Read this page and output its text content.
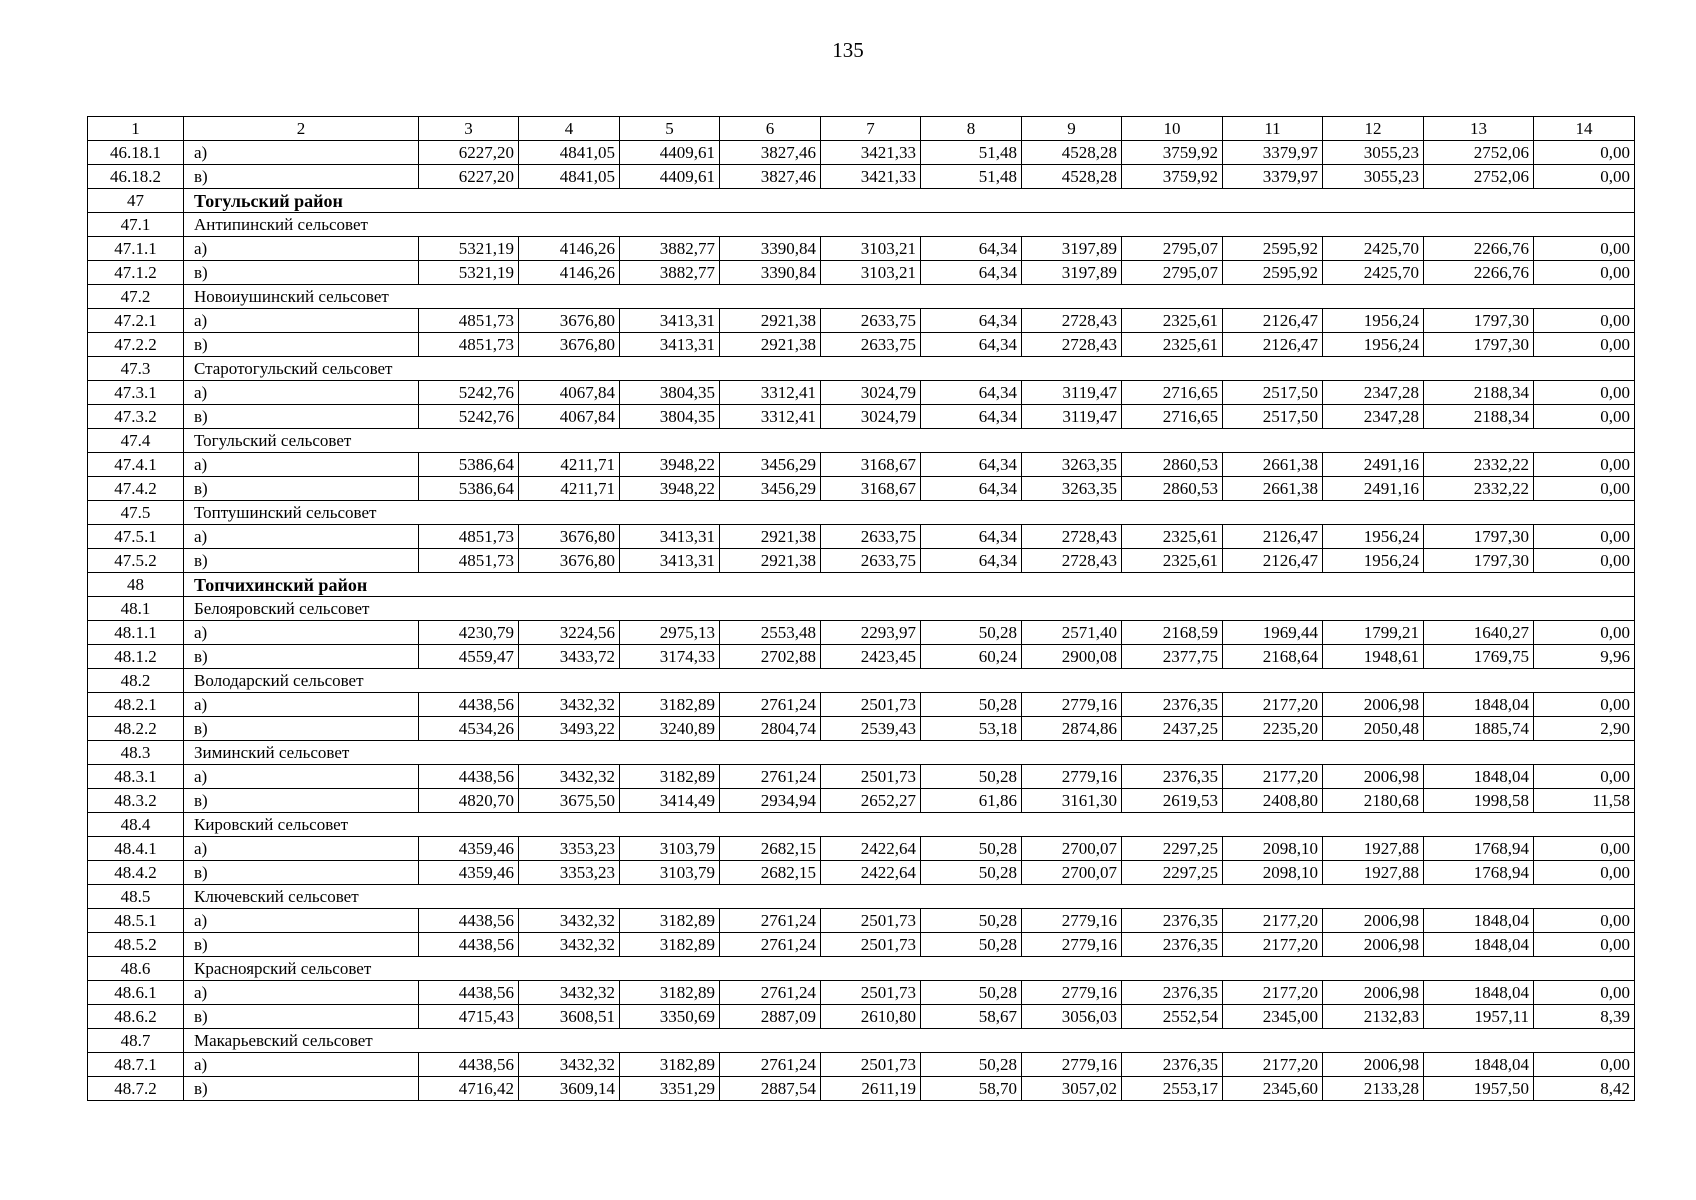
135
1	2	3	4	5	6	7	8	9	10	11	12	13	14
46.18.1	а)	6227,20	4841,05	4409,61	3827,46	3421,33	51,48	4528,28	3759,92	3379,97	3055,23	2752,06	0,00
46.18.2	в)	6227,20	4841,05	4409,61	3827,46	3421,33	51,48	4528,28	3759,92	3379,97	3055,23	2752,06	0,00
47	Тогульский район												
47.1	Антипинский сельсовет												
47.1.1	а)	5321,19	4146,26	3882,77	3390,84	3103,21	64,34	3197,89	2795,07	2595,92	2425,70	2266,76	0,00
47.1.2	в)	5321,19	4146,26	3882,77	3390,84	3103,21	64,34	3197,89	2795,07	2595,92	2425,70	2266,76	0,00
47.2	Новоиушинский сельсовет												
47.2.1	а)	4851,73	3676,80	3413,31	2921,38	2633,75	64,34	2728,43	2325,61	2126,47	1956,24	1797,30	0,00
47.2.2	в)	4851,73	3676,80	3413,31	2921,38	2633,75	64,34	2728,43	2325,61	2126,47	1956,24	1797,30	0,00
47.3	Старотогульский сельсовет												
47.3.1	а)	5242,76	4067,84	3804,35	3312,41	3024,79	64,34	3119,47	2716,65	2517,50	2347,28	2188,34	0,00
47.3.2	в)	5242,76	4067,84	3804,35	3312,41	3024,79	64,34	3119,47	2716,65	2517,50	2347,28	2188,34	0,00
47.4	Тогульский сельсовет												
47.4.1	а)	5386,64	4211,71	3948,22	3456,29	3168,67	64,34	3263,35	2860,53	2661,38	2491,16	2332,22	0,00
47.4.2	в)	5386,64	4211,71	3948,22	3456,29	3168,67	64,34	3263,35	2860,53	2661,38	2491,16	2332,22	0,00
47.5	Топтушинский сельсовет												
47.5.1	а)	4851,73	3676,80	3413,31	2921,38	2633,75	64,34	2728,43	2325,61	2126,47	1956,24	1797,30	0,00
47.5.2	в)	4851,73	3676,80	3413,31	2921,38	2633,75	64,34	2728,43	2325,61	2126,47	1956,24	1797,30	0,00
48	Топчихинский район												
48.1	Белояровский сельсовет												
48.1.1	а)	4230,79	3224,56	2975,13	2553,48	2293,97	50,28	2571,40	2168,59	1969,44	1799,21	1640,27	0,00
48.1.2	в)	4559,47	3433,72	3174,33	2702,88	2423,45	60,24	2900,08	2377,75	2168,64	1948,61	1769,75	9,96
48.2	Володарский сельсовет												
48.2.1	а)	4438,56	3432,32	3182,89	2761,24	2501,73	50,28	2779,16	2376,35	2177,20	2006,98	1848,04	0,00
48.2.2	в)	4534,26	3493,22	3240,89	2804,74	2539,43	53,18	2874,86	2437,25	2235,20	2050,48	1885,74	2,90
48.3	Зиминский сельсовет												
48.3.1	а)	4438,56	3432,32	3182,89	2761,24	2501,73	50,28	2779,16	2376,35	2177,20	2006,98	1848,04	0,00
48.3.2	в)	4820,70	3675,50	3414,49	2934,94	2652,27	61,86	3161,30	2619,53	2408,80	2180,68	1998,58	11,58
48.4	Кировский сельсовет												
48.4.1	а)	4359,46	3353,23	3103,79	2682,15	2422,64	50,28	2700,07	2297,25	2098,10	1927,88	1768,94	0,00
48.4.2	в)	4359,46	3353,23	3103,79	2682,15	2422,64	50,28	2700,07	2297,25	2098,10	1927,88	1768,94	0,00
48.5	Ключевский сельсовет												
48.5.1	а)	4438,56	3432,32	3182,89	2761,24	2501,73	50,28	2779,16	2376,35	2177,20	2006,98	1848,04	0,00
48.5.2	в)	4438,56	3432,32	3182,89	2761,24	2501,73	50,28	2779,16	2376,35	2177,20	2006,98	1848,04	0,00
48.6	Красноярский сельсовет												
48.6.1	а)	4438,56	3432,32	3182,89	2761,24	2501,73	50,28	2779,16	2376,35	2177,20	2006,98	1848,04	0,00
48.6.2	в)	4715,43	3608,51	3350,69	2887,09	2610,80	58,67	3056,03	2552,54	2345,00	2132,83	1957,11	8,39
48.7	Макарьевский сельсовет												
48.7.1	а)	4438,56	3432,32	3182,89	2761,24	2501,73	50,28	2779,16	2376,35	2177,20	2006,98	1848,04	0,00
48.7.2	в)	4716,42	3609,14	3351,29	2887,54	2611,19	58,70	3057,02	2553,17	2345,60	2133,28	1957,50	8,42
